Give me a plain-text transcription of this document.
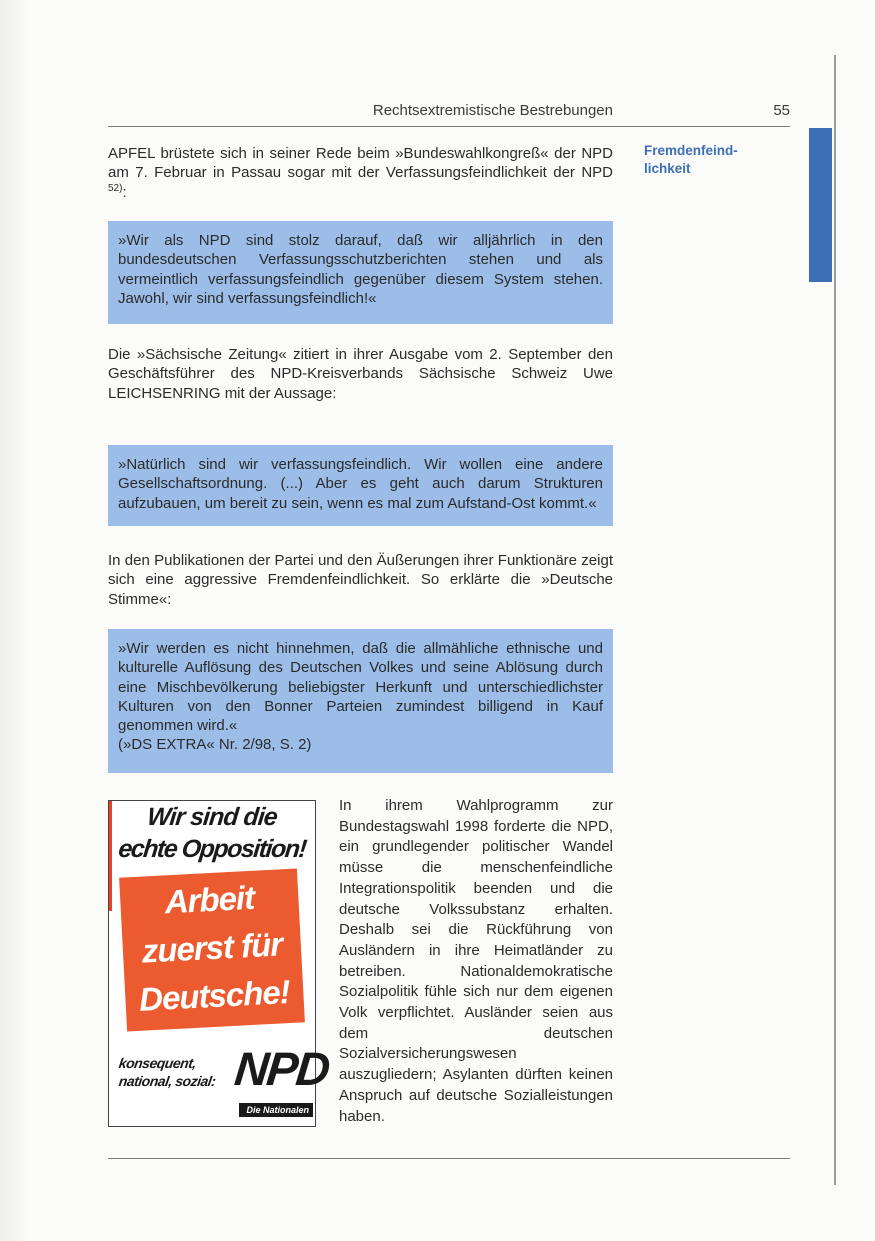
Rechtsextremistische Bestrebungen	55
Fremdenfeind-
lichkeit

APFEL brüstete sich in seiner Rede beim »Bundeswahlkongreß« der NPD am 7. Februar in Passau sogar mit der Verfassungsfeindlichkeit der NPD $^{52)}$:

»Wir als NPD sind stolz darauf, daß wir alljährlich in den bundesdeutschen Verfassungsschutzberichten stehen und als vermeintlich verfassungsfeindlich gegenüber diesem System stehen. Jawohl, wir sind verfassungsfeindlich!«

Die »Sächsische Zeitung« zitiert in ihrer Ausgabe vom 2. September den Geschäftsführer des NPD-Kreisverbands Sächsische Schweiz Uwe LEICHSENRING mit der Aussage:

»Natürlich sind wir verfassungsfeindlich. Wir wollen eine andere Gesellschaftsordnung. (...) Aber es geht auch darum Strukturen aufzubauen, um bereit zu sein, wenn es mal zum Aufstand-Ost kommt.«

In den Publikationen der Partei und den Äußerungen ihrer Funktionäre zeigt sich eine aggressive Fremdenfeindlichkeit. So erklärte die »Deutsche Stimme«:

»Wir werden es nicht hinnehmen, daß die allmähliche ethnische und kulturelle Auflösung des Deutschen Volkes und seine Ablösung durch eine Mischbevölkerung beliebigster Herkunft und unterschiedlichster Kulturen von den Bonner Parteien zumindest billigend in Kauf genommen wird.«

(»DS EXTRA« Nr. 2/98, S. 2)

Wir sind die
echte Opposition!
Arbeit
zuerst für
Deutsche!
konsequent,
national, sozial: NPD
Die Nationalen

In ihrem Wahlprogramm zur Bundestagswahl 1998 forderte die NPD, ein grundlegender politischer Wandel müsse die menschenfeindliche Integrationspolitik beenden und die deutsche Volkssubstanz erhalten. Deshalb sei die Rückführung von Ausländern in ihre Heimatländer zu betreiben. Nationaldemokratische Sozialpolitik fühle sich nur dem eigenen Volk verpflichtet. Ausländer seien aus dem deutschen Sozialversicherungswesen auszugliedern; Asylanten dürften keinen Anspruch auf deutsche Sozialleistungen haben.
